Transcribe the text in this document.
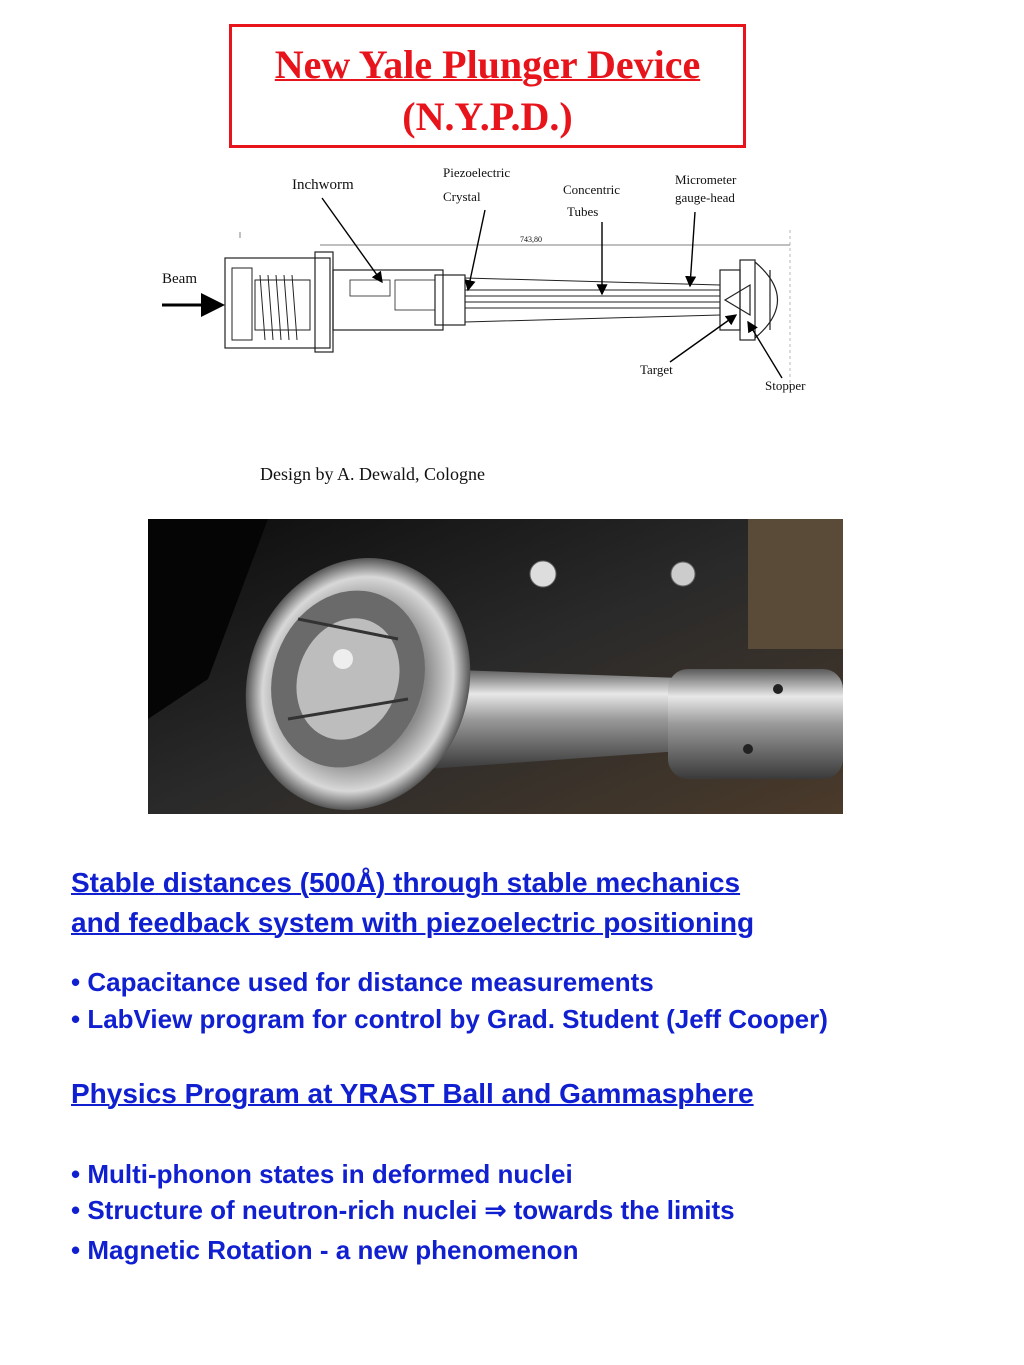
New Yale Plunger Device
(N.Y.P.D.)
743,80
Beam
Inchworm
Piezoelectric
Crystal	Concentric
Tubes
Micrometer
gauge-head
Target
Stopper
Design by A. Dewald, Cologne

Stable distances (500Å) through stable mechanics

and feedback system with piezoelectric positioning

• Capacitance used for distance measurements

• LabView program for control by Grad. Student (Jeff Cooper)

Physics Program at YRAST Ball and Gammasphere

• Multi-phonon states in deformed nuclei

• Structure of neutron-rich nuclei ⇒ towards the limits

• Magnetic Rotation - a new phenomenon
